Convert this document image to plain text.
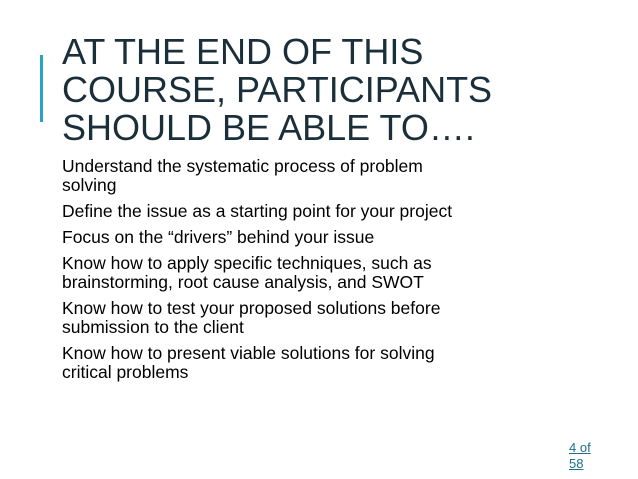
AT THE END OF THIS
COURSE, PARTICIPANTS
SHOULD BE ABLE TO….
Understand the systematic process of problem
solving
Define the issue as a starting point for your project
Focus on the “drivers” behind your issue
Know how to apply specific techniques, such as
brainstorming, root cause analysis, and SWOT
Know how to test your proposed solutions before
submission to the client
Know how to present viable solutions for solving
critical problems
4 of
58
